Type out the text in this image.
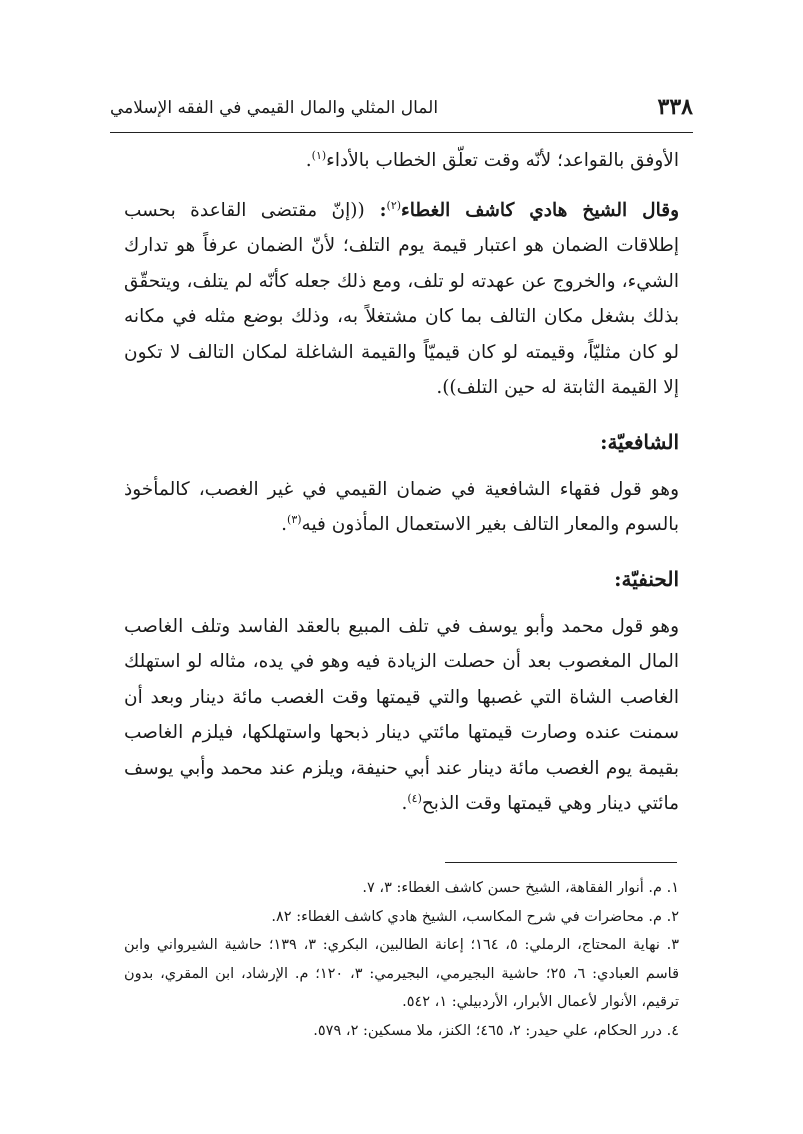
٣٣٨
المال المثلي والمال القيمي في الفقه الإسلامي

الأوفق بالقواعد؛ لأنّه وقت تعلّق الخطاب بالأداء$^{(١)}$.

وقال الشيخ هادي كاشف الغطاء$^{(٢)}$: ((إنّ مقتضى القاعدة بحسب إطلاقات الضمان هو اعتبار قيمة يوم التلف؛ لأنّ الضمان عرفاً هو تدارك الشيء، والخروج عن عهدته لو تلف، ومع ذلك جعله كأنّه لم يتلف، ويتحقّق بذلك بشغل مكان التالف بما كان مشتغلاً به، وذلك بوضع مثله في مكانه لو كان مثليّاً، وقيمته لو كان قيميّاً والقيمة الشاغلة لمكان التالف لا تكون إلا القيمة الثابتة له حين التلف)).

الشافعيّة:

وهو قول فقهاء الشافعية في ضمان القيمي في غير الغصب، كالمأخوذ بالسوم والمعار التالف بغير الاستعمال المأذون فيه$^{(٣)}$.

الحنفيّة:

وهو قول محمد وأبو يوسف في تلف المبيع بالعقد الفاسد وتلف الغاصب المال المغصوب بعد أن حصلت الزيادة فيه وهو في يده، مثاله لو استهلك الغاصب الشاة التي غصبها والتي قيمتها وقت الغصب مائة دينار وبعد أن سمنت عنده وصارت قيمتها مائتي دينار ذبحها واستهلكها، فيلزم الغاصب بقيمة يوم الغصب مائة دينار عند أبي حنيفة، ويلزم عند محمد وأبي يوسف مائتي دينار وهي قيمتها وقت الذبح$^{(٤)}$.

١. م. أنوار الفقاهة، الشيخ حسن كاشف الغطاء: ٣، ٧.

٢. م. محاضرات في شرح المكاسب، الشيخ هادي كاشف الغطاء: ٨٢.

٣. نهاية المحتاج، الرملي: ٥، ١٦٤؛ إعانة الطالبين، البكري: ٣، ١٣٩؛ حاشية الشيرواني وابن قاسم العبادي: ٦، ٢٥؛ حاشية البجيرمي، البجيرمي: ٣، ١٢٠؛ م. الإرشاد، ابن المقري، بدون ترقيم، الأنوار لأعمال الأبرار، الأردبيلي: ١، ٥٤٢.

٤. درر الحكام، علي حيدر: ٢، ٤٦٥؛ الكنز، ملا مسكين: ٢، ٥٧٩.
